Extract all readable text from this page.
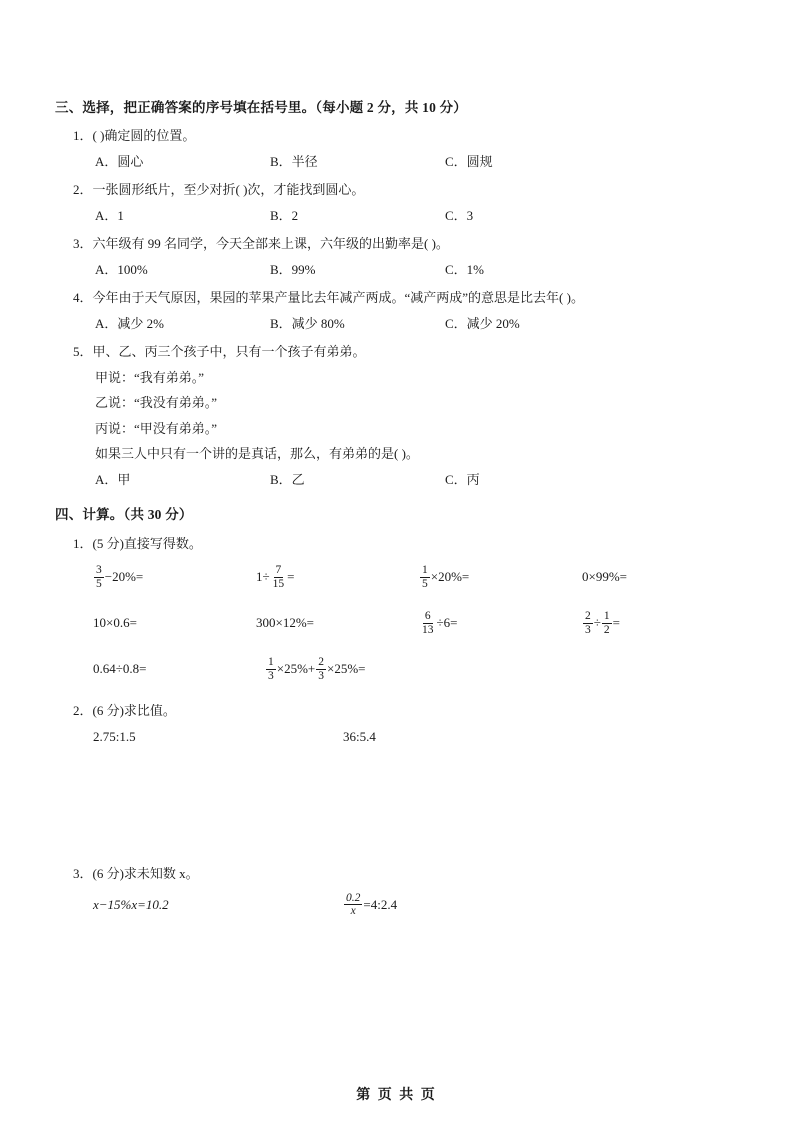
三、选择，把正确答案的序号填在括号里。（每小题 2 分，共 10 分）
1．( )确定圆的位置。
A．圆心	B．半径	C．圆规
2．一张圆形纸片，至少对折( )次，才能找到圆心。
A．1	B．2	C．3
3．六年级有 99 名同学，今天全部来上课，六年级的出勤率是( )。
A．100%	B．99%	C．1%
4．今年由于天气原因，果园的苹果产量比去年减产两成。“减产两成”的意思是比去年( )。
A．减少 2%	B．减少 80%	C．减少 20%
5．甲、乙、丙三个孩子中，只有一个孩子有弟弟。
甲说：“我有弟弟。”
乙说：“我没有弟弟。”
丙说：“甲没有弟弟。”
如果三人中只有一个讲的是真话，那么，有弟弟的是( )。
A．甲	B．乙	C．丙
四、计算。（共 30 分）
1．(5 分)直接写得数。
$\frac{3}{5} -20\%=$	$1\div \frac{7}{15}$ =	$\frac{1}{5} \times 20\%=$	0×99%=
10×0.6=	300×12%=	$\frac{6}{13} \div 6=$	$\frac{2}{3} \div \frac{1}{2}$ =
0.64÷0.8=	$\frac{1}{3} \times 25\%+ \frac{2}{3} \times 25\%=$
2．(6 分)求比值。
2.75:1.5	36:5.4
3．(6 分)求未知数 x。
x−15%x=10.2	$\frac{0.2}{x}$ =4:2.4
第 页 共 页
